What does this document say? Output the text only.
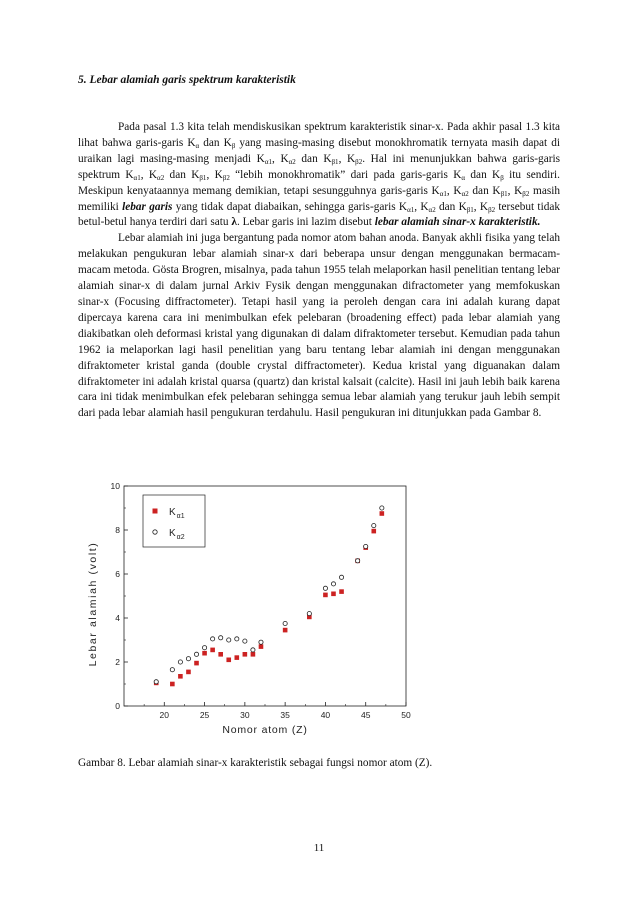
5. Lebar alamiah garis spektrum karakteristik

Pada pasal 1.3 kita telah mendiskusikan spektrum karakteristik sinar-x. Pada akhir pasal 1.3 kita lihat bahwa garis-garis $K_\alpha$ dan $K_\beta$ yang masing-masing disebut monokhromatik ternyata masih dapat di uraikan lagi masing-masing menjadi $K_{\alpha 1}$, $K_{\alpha 2}$ dan $K_{\beta 1}$, $K_{\beta 2}$. Hal ini menunjukkan bahwa garis-garis spektrum $K_{\alpha 1}$, $K_{\alpha 2}$ dan $K_{\beta 1}$, $K_{\beta 2}$ “lebih monokhromatik” dari pada garis-garis $K_\alpha$ dan $K_\beta$ itu sendiri. Meskipun kenyataannya memang demikian, tetapi sesungguhnya garis-garis $K_{\alpha 1}$, $K_{\alpha 2}$ dan $K_{\beta 1}$, $K_{\beta 2}$ masih memiliki lebar garis yang tidak dapat diabaikan, sehingga garis-garis $K_{\alpha 1}$, $K_{\alpha 2}$ dan $K_{\beta 1}$, $K_{\beta 2}$ tersebut tidak betul-betul hanya terdiri dari satu λ. Lebar garis ini lazim disebut lebar alamiah sinar-x karakteristik.

Lebar alamiah ini juga bergantung pada nomor atom bahan anoda. Banyak akhli fisika yang telah melakukan pengukuran lebar alamiah sinar-x dari beberapa unsur dengan menggunakan bermacam-macam metoda. Gösta Brogren, misalnya, pada tahun 1955 telah melaporkan hasil penelitian tentang lebar alamiah sinar-x di dalam jurnal Arkiv Fysik dengan menggunakan difractometer yang memfokuskan sinar-x (Focusing diffractometer). Tetapi hasil yang ia peroleh dengan cara ini adalah kurang dapat dipercaya karena cara ini menimbulkan efek pelebaran (broadening effect) pada lebar alamiah yang diakibatkan oleh deformasi kristal yang digunakan di dalam difraktometer tersebut. Kemudian pada tahun 1962 ia melaporkan lagi hasil penelitian yang baru tentang lebar alamiah ini dengan menggunakan difraktometer kristal ganda (double crystal diffractometer). Kedua kristal yang diguanakan dalam difraktometer ini adalah kristal quarsa (quartz) dan kristal kalsait (calcite). Hasil ini jauh lebih baik karena cara ini tidak menimbulkan efek pelebaran sehingga semua lebar alamiah yang terukur jauh lebih sempit dari pada lebar alamiah hasil pengukuran terdahulu. Hasil pengukuran ini ditunjukkan pada Gambar 8.

20	25	30	35	40	45	50
0
2
4
6
8
10
Nomor atom (Z)
Lebar alamiah (volt)
$K_{\alpha 1}$
$K_{\alpha 2}$
Gambar 8. Lebar alamiah sinar-x karakteristik sebagai fungsi nomor atom (Z).
11
